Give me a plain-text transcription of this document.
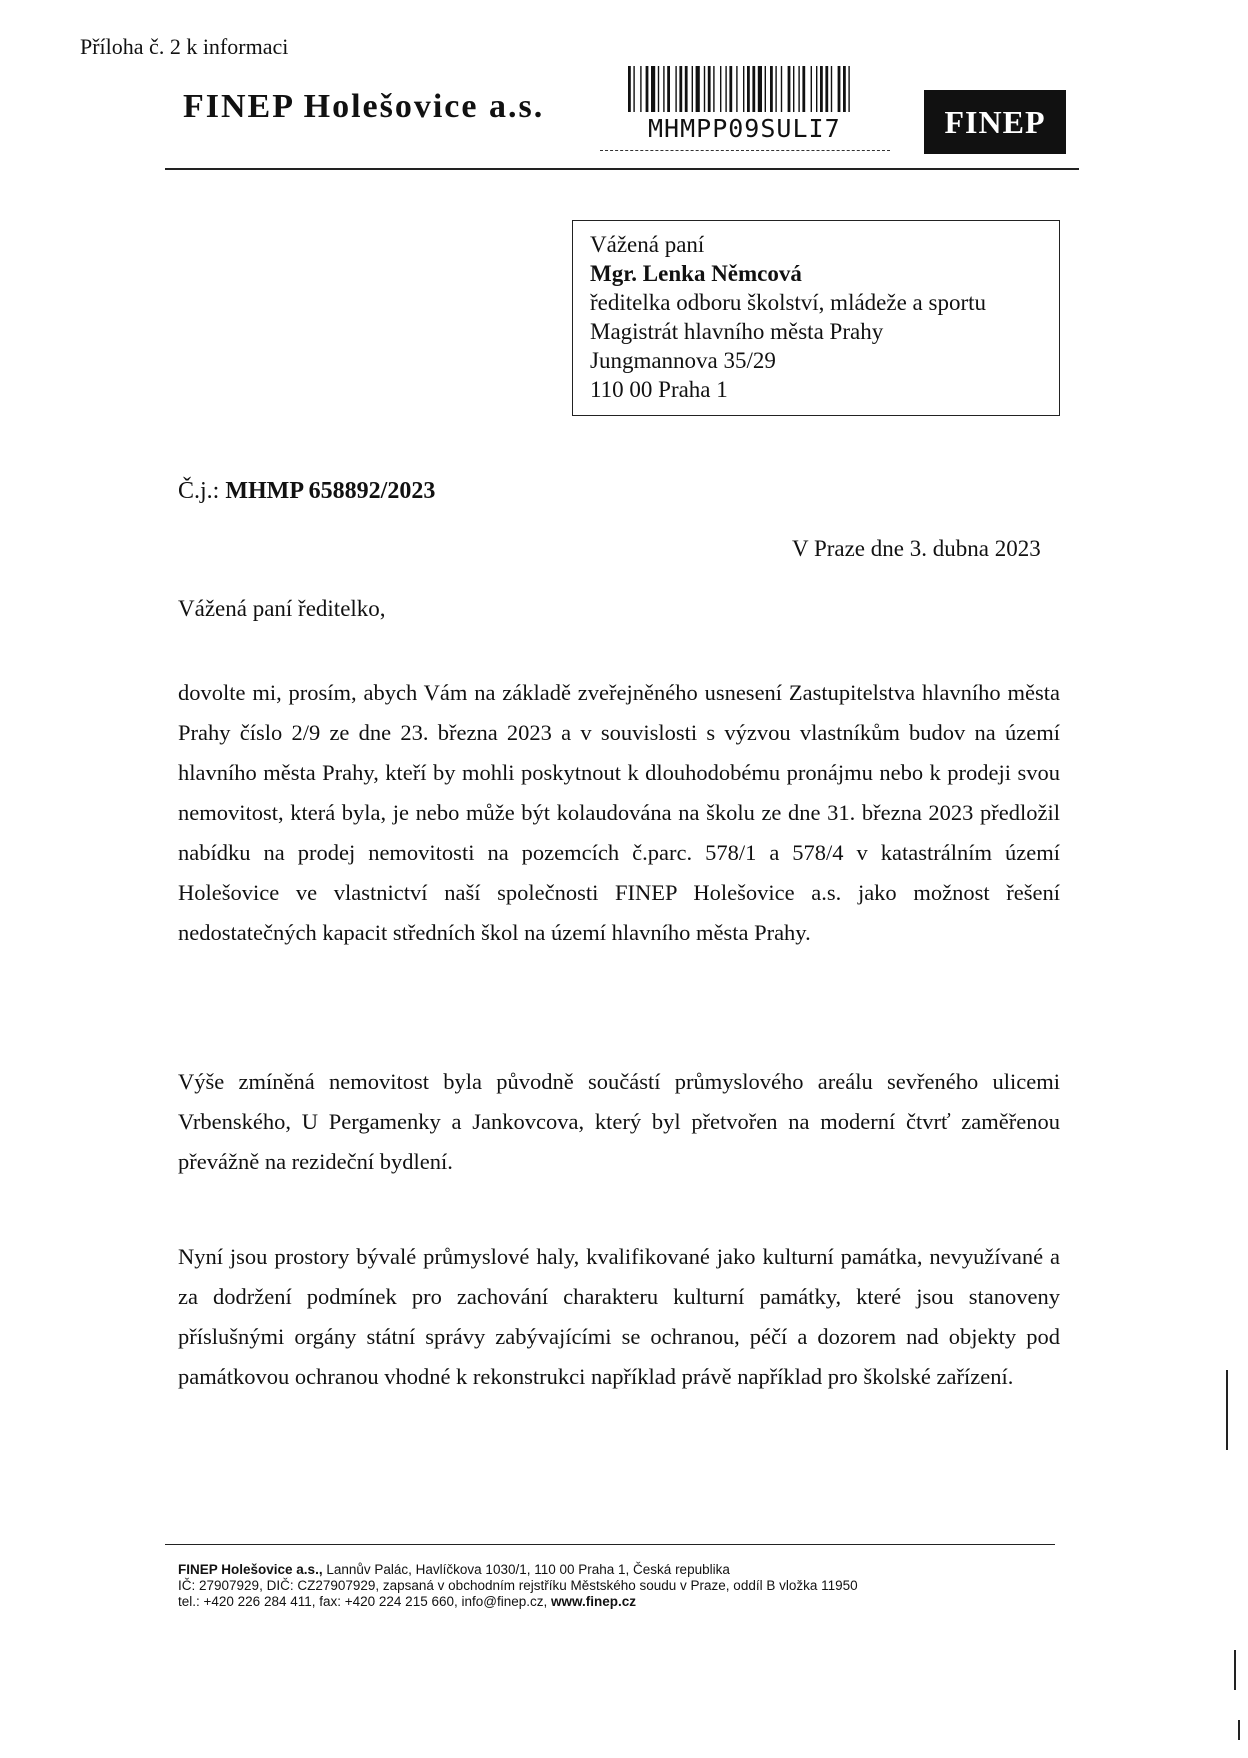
Příloha č. 2 k informaci
FINEP Holešovice a.s.
MHMPP09SULI7	FINEP
Vážená paní
Mgr. Lenka Němcová
ředitelka odboru školství, mládeže a sportu
Magistrát hlavního města Prahy
Jungmannova 35/29
110 00 Praha 1
Č.j.: MHMP 658892/2023
V Praze dne 3. dubna 2023
Vážená paní ředitelko,
dovolte mi, prosím, abych Vám na základě zveřejněného usnesení Zastupitelstva hlavního města Prahy číslo 2/9 ze dne 23. března 2023 a v souvislosti s výzvou vlastníkům budov na území hlavního města Prahy, kteří by mohli poskytnout k dlouhodobému pronájmu nebo k prodeji svou nemovitost, která byla, je nebo může být kolaudována na školu ze dne 31. března 2023 předložil nabídku na prodej nemovitosti na pozemcích č.parc. 578/1 a 578/4 v katastrálním území Holešovice ve vlastnictví naší společnosti FINEP Holešovice a.s. jako možnost řešení nedostatečných kapacit středních škol na území hlavního města Prahy.
Výše zmíněná nemovitost byla původně součástí průmyslového areálu sevřeného ulicemi Vrbenského, U Pergamenky a Jankovcova, který byl přetvořen na moderní čtvrť zaměřenou převážně na rezideční bydlení.
Nyní jsou prostory bývalé průmyslové haly, kvalifikované jako kulturní památka, nevyužívané a za dodržení podmínek pro zachování charakteru kulturní památky, které jsou stanoveny příslušnými orgány státní správy zabývajícími se ochranou, péčí a dozorem nad objekty pod památkovou ochranou vhodné k rekonstrukci například právě například pro školské zařízení.
FINEP Holešovice a.s., Lannův Palác, Havlíčkova 1030/1, 110 00 Praha 1, Česká republika
IČ: 27907929, DIČ: CZ27907929, zapsaná v obchodním rejstříku Městského soudu v Praze, oddíl B vložka 11950
tel.: +420 226 284 411, fax: +420 224 215 660, info@finep.cz, www.finep.cz
